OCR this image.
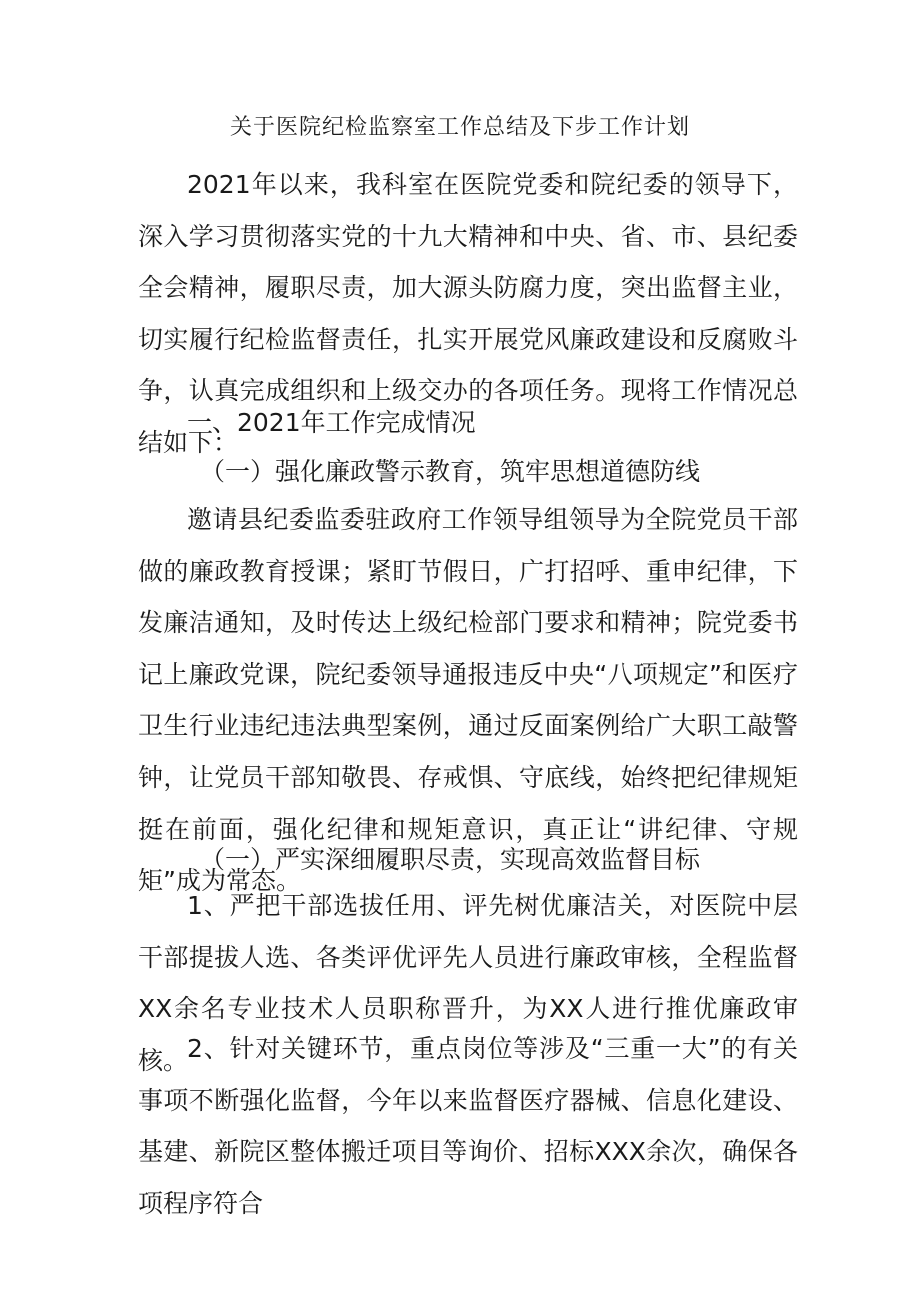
关于医院纪检监察室工作总结及下步工作计划

2021年以来，我科室在医院党委和院纪委的领导下，深入学习贯彻落实党的十九大精神和中央、省、市、县纪委全会精神，履职尽责，加大源头防腐力度，突出监督主业，切实履行纪检监督责任，扎实开展党风廉政建设和反腐败斗争，认真完成组织和上级交办的各项任务。现将工作情况总结如下：

一、2021年工作完成情况

（一）强化廉政警示教育，筑牢思想道德防线

邀请县纪委监委驻政府工作领导组领导为全院党员干部做的廉政教育授课；紧盯节假日，广打招呼、重申纪律，下发廉洁通知，及时传达上级纪检部门要求和精神；院党委书记上廉政党课，院纪委领导通报违反中央“八项规定”和医疗卫生行业违纪违法典型案例，通过反面案例给广大职工敲警钟，让党员干部知敬畏、存戒惧、守底线，始终把纪律规矩挺在前面，强化纪律和规矩意识，真正让“讲纪律、守规矩”成为常态。

（一）严实深细履职尽责，实现高效监督目标

1、严把干部选拔任用、评先树优廉洁关，对医院中层干部提拔人选、各类评优评先人员进行廉政审核，全程监督XX余名专业技术人员职称晋升，为XX人进行推优廉政审核。

2、针对关键环节，重点岗位等涉及“三重一大”的有关事项不断强化监督，今年以来监督医疗器械、信息化建设、基建、新院区整体搬迁项目等询价、招标XXX余次，确保各项程序符合
